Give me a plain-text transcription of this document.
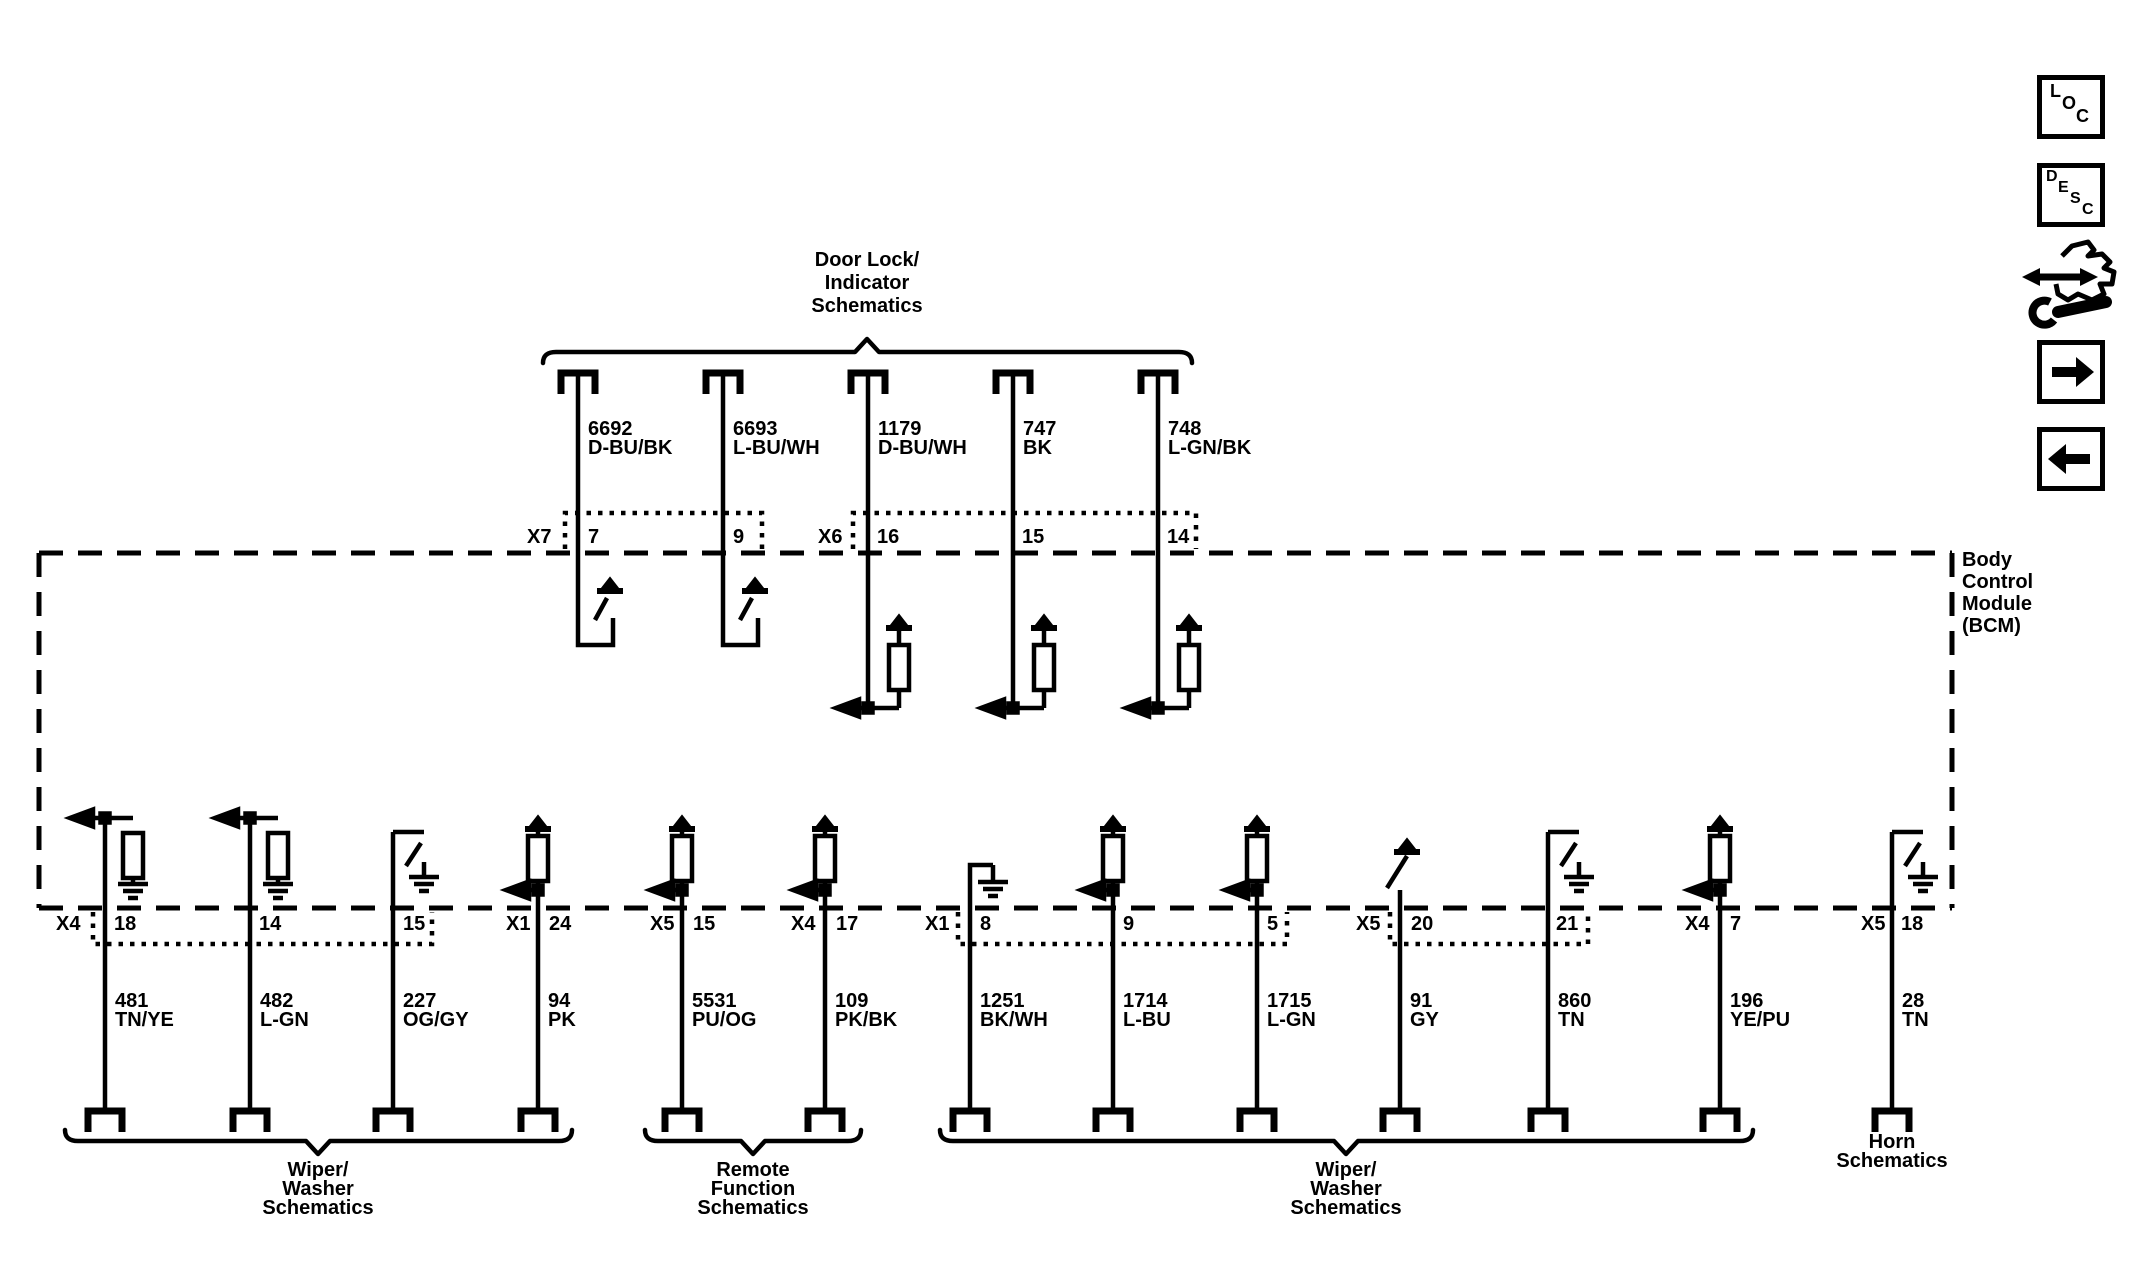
Door Lock/
Indicator
Schematics
Body
Control
Module
(BCM)
6692
D-BU/BK
6693
L-BU/WH
1179
D-BU/WH
747
BK
748
L-GN/BK
X7 7	9	X6 16	15	14
X4 18	14	15	X1 24	X5 15	X4 17	X1 8	9	5	X5 20	21	X4 7	X5 18
481
TN/YE
482
L-GN
227
OG/GY
94
PK
5531
PU/OG
109
PK/BK
1251
BK/WH
1714
L-BU
1715
L-GN
91
GY
860
TN
196
YE/PU
28
TN
Wiper/
Washer
Schematics
Remote
Function
Schematics
Wiper/
Washer
Schematics
Horn
Schematics
L
O
C
D
E
S
C
